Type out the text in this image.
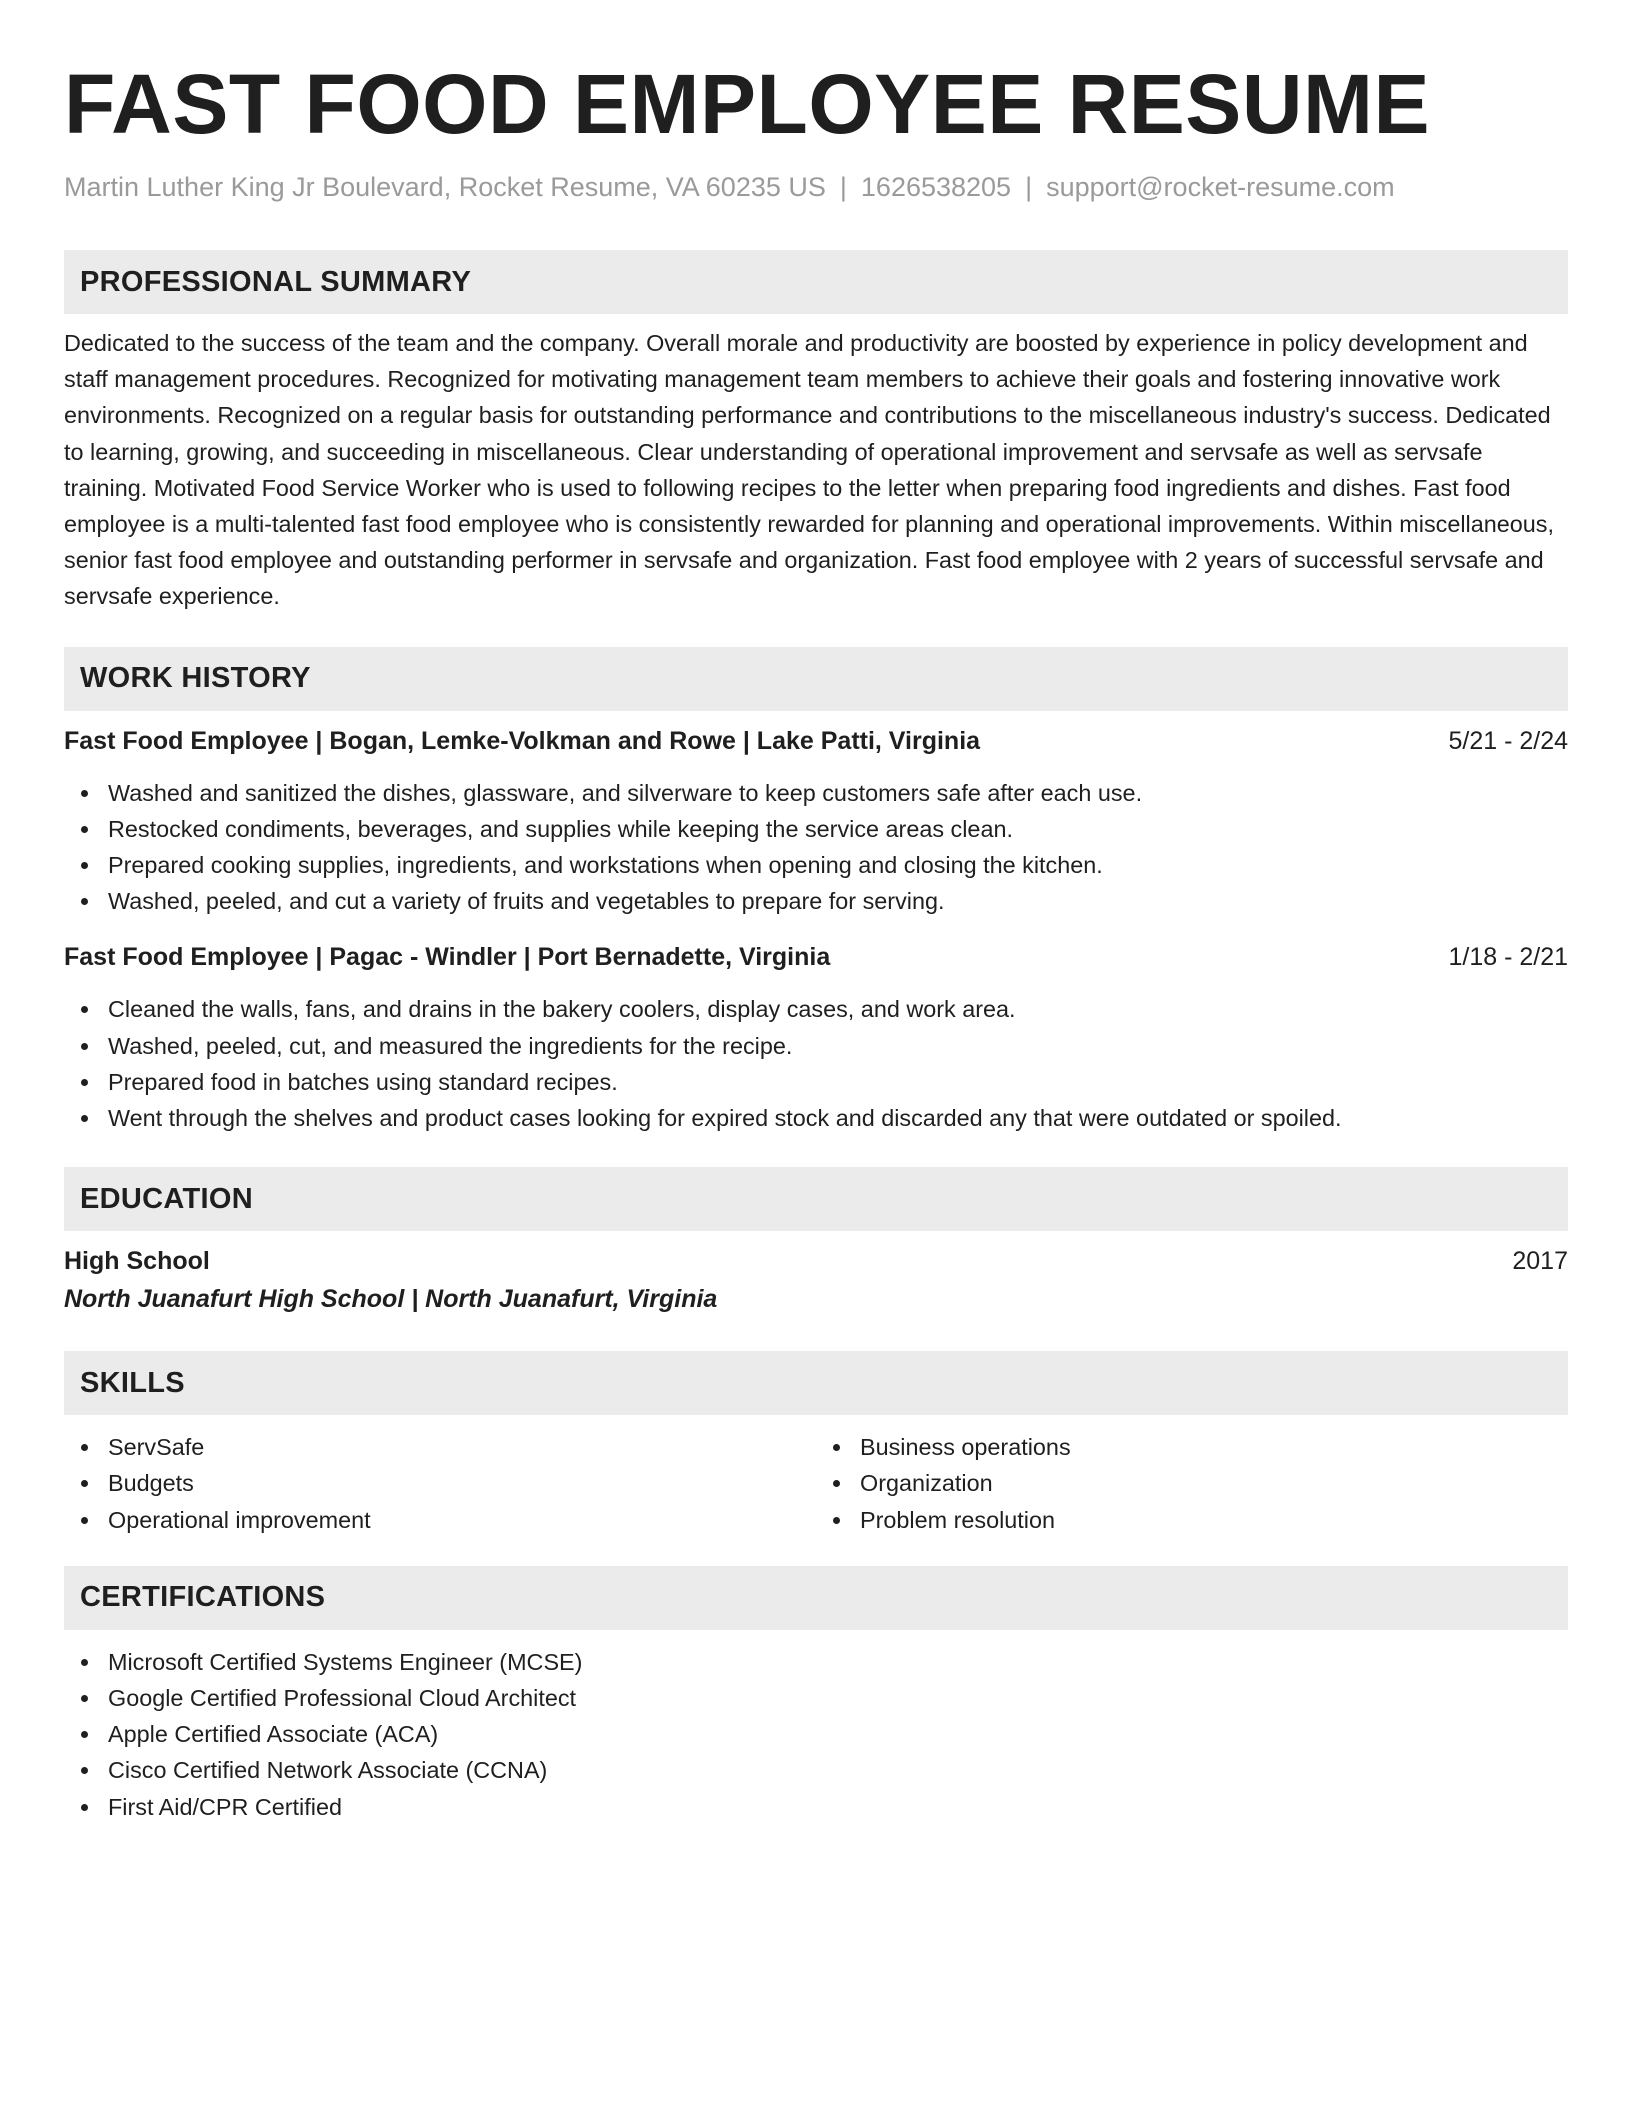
FAST FOOD EMPLOYEE RESUME
Martin Luther King Jr Boulevard, Rocket Resume, VA 60235 US | 1626538205 | support@rocket-resume.com
PROFESSIONAL SUMMARY
Dedicated to the success of the team and the company. Overall morale and productivity are boosted by experience in policy development and staff management procedures. Recognized for motivating management team members to achieve their goals and fostering innovative work environments. Recognized on a regular basis for outstanding performance and contributions to the miscellaneous industry's success. Dedicated to learning, growing, and succeeding in miscellaneous. Clear understanding of operational improvement and servsafe as well as servsafe training. Motivated Food Service Worker who is used to following recipes to the letter when preparing food ingredients and dishes. Fast food employee is a multi-talented fast food employee who is consistently rewarded for planning and operational improvements. Within miscellaneous, senior fast food employee and outstanding performer in servsafe and organization. Fast food employee with 2 years of successful servsafe and servsafe experience.
WORK HISTORY
Fast Food Employee | Bogan, Lemke-Volkman and Rowe | Lake Patti, Virginia	5/21 - 2/24
Washed and sanitized the dishes, glassware, and silverware to keep customers safe after each use.
Restocked condiments, beverages, and supplies while keeping the service areas clean.
Prepared cooking supplies, ingredients, and workstations when opening and closing the kitchen.
Washed, peeled, and cut a variety of fruits and vegetables to prepare for serving.
Fast Food Employee | Pagac - Windler | Port Bernadette, Virginia	1/18 - 2/21
Cleaned the walls, fans, and drains in the bakery coolers, display cases, and work area.
Washed, peeled, cut, and measured the ingredients for the recipe.
Prepared food in batches using standard recipes.
Went through the shelves and product cases looking for expired stock and discarded any that were outdated or spoiled.
EDUCATION
High School	2017
North Juanafurt High School | North Juanafurt, Virginia
SKILLS
ServSafe
Budgets
Operational improvement
Business operations
Organization
Problem resolution
CERTIFICATIONS
Microsoft Certified Systems Engineer (MCSE)
Google Certified Professional Cloud Architect
Apple Certified Associate (ACA)
Cisco Certified Network Associate (CCNA)
First Aid/CPR Certified
